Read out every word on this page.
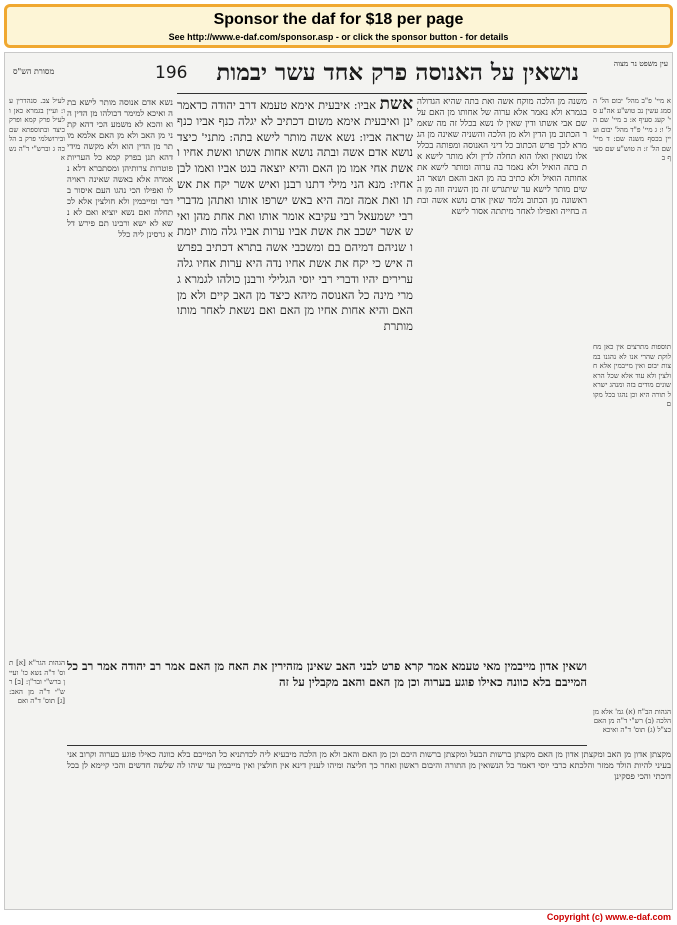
Sponsor the daf for $18 per page
See http://www.e-daf.com/sponsor.asp - or click the sponsor button - for details
מסורת הש"ס	196 נושאין על האנוסה פרק אחד עשר יבמות	עין משפט נר מצוה

לעיל צב. סנהדרין עו: ועיין בגמרא כאן ולעיל פרק קמא ופרק כיצד ובתוספתא שם ובירושלמי פרק ב הלכה ג וברש"י ד"ה נשא

נשא אדם אנוסה מותר לישא בתה ואיכא למימר דכולהו מן הדין הוא והכא לא משמע הכי דהא קתני מן האב ולא מן האם אלמא מותר מן הדין הוא ולא מקשה מידי דהא תנן בפרק קמא כל העריות פוטרות צרותיהן ומסתברא דלא נאמרה אלא באשה שאינה ראויה לו ואפילו הכי נהגו העם איסור בדבר ומייבמין ולא חולצין אלא לכתחלה ואם נשא יוציא ואם לא נשא לא ישא ורבינו תם פירש דלא גרסינן ליה כלל

אשת אביו: איבעית אימא טעמא דרב יהודה כדאמרינן ואיבעית אימא משום דכתיב לא יגלה כנף אביו כנף שראה אביו: נשא אשה מותר לישא בתה: מתני' כיצד נושא אדם אשה ובתה נושא אחות אשתו ואשת אחיו ואשת אחי אמו מן האם והיא יוצאה בגט אביו ואמו לבן אחיו: מנא הני מילי דתנו רבנן ואיש אשר יקח את אשתו ואת אמה זמה היא באש ישרפו אותו ואתהן מדברי רבי ישמעאל רבי עקיבא אומר אותו ואת אחת מהן ואיש אשר ישכב את אשת אביו ערות אביו גלה מות יומתו שניהם דמיהם בם ומשכבי אשה בתרא דכתיב בפרשה איש כי יקח את אשת אחיו נדה היא ערות אחיו גלה ערירים יהיו ודברי רבי יוסי הגלילי ורבנן כולהו לגמרא גמרי מינה כל האנוסה מיהא כיצד מן האב קיים ולא מן האם והיא אחות אחיו מן האם ואם נשאת לאחר מותו מותרת

משנה מן הלכה מוקח אשה ואת בתה שהיא הגדולה בגמרא ולא נאמר אלא ערוה של אחותו מן האם על שם אבי אשתו ודין שאין לו נשא בכלל זה מה שאמר הכתוב מן הדין ולא מן הלכה והשניה שאינה מן הגמרא לכך פרש הכתוב כל דיני האנוסה ומפותה בכלל אלו נשואין ואלו הוא תחלה לדין ולא מותר לישא את בתה הואיל ולא נאמר בה ערוה ומותר לישא את אחותה הואיל ולא כתיב בה מן האב והאם ושאר הנשים מותר לישא עד שיתגרש זה מן השניה וזה מן הראשונה מן הכתוב נלמד שאין אדם נושא אשה ובתה בחייה ואפילו לאחר מיתתה אסור לישא

א מיי' פ"ב מהל' יבום הל' ה סמג עשין נב טוש"ע אה"ע סי' קעג סעיף א: ב מיי' שם הל' ו: ג מיי' פ"ד מהל' יבום ועיין בכסף משנה שם: ד מיי' שם הל' ז: ה טוש"ע שם סעיף ב

תוספות מתרצים אין כאן מחלוקת שהרי אנו לא נהגנו במצות יבום ואין מייבמין אלא חולצין ולא עוד אלא שכל הראשונים מודים בזה ומנהג ישראל תורה היא וכן נהגו בכל מקום

ושאין אדון מייבמין מאי טעמא אמר קרא פרט לבני האב שאינן מזהירין את האח מן האם אמר רב יהודה אמר רב כל המייבם בלא כוונה כאילו פוגע בערוה וכן מן האם והאב מקבלין על זה

מקצתן אדון מן האב ומקצתן אדון מן האם מקצתן ברשות הבעל ומקצתן ברשות היבם וכן מן האם והאב ולא מן הלכה מיבעיא ליה לכדתניא כל המייבם בלא כוונה כאילו פוגע בערוה וקרוב אני בעיני להיות הולד ממזר והלכתא כרבי יוסי דאמר כל הנשואין מן התורה והיבום ראשון ואחר כך חליצה ומיהו לענין דינא אין חולצין ואין מייבמין עד שיהו לה שלשה חדשים והכי קיימא לן בכל דוכתי והכי פסקינן

הגהות הגר"א [א] תוס' ד"ה נשא כו' ועיין ברש"י ובר"ן: [ב] רש"י ד"ה מן האב: [ג] תוס' ד"ה ואם

הגהות הב"ח (א) גמ' אלא מן הלכה (ב) רש"י ד"ה מן האם כצ"ל (ג) תוס' ד"ה ואיכא

Copyright (c) www.e-daf.com
